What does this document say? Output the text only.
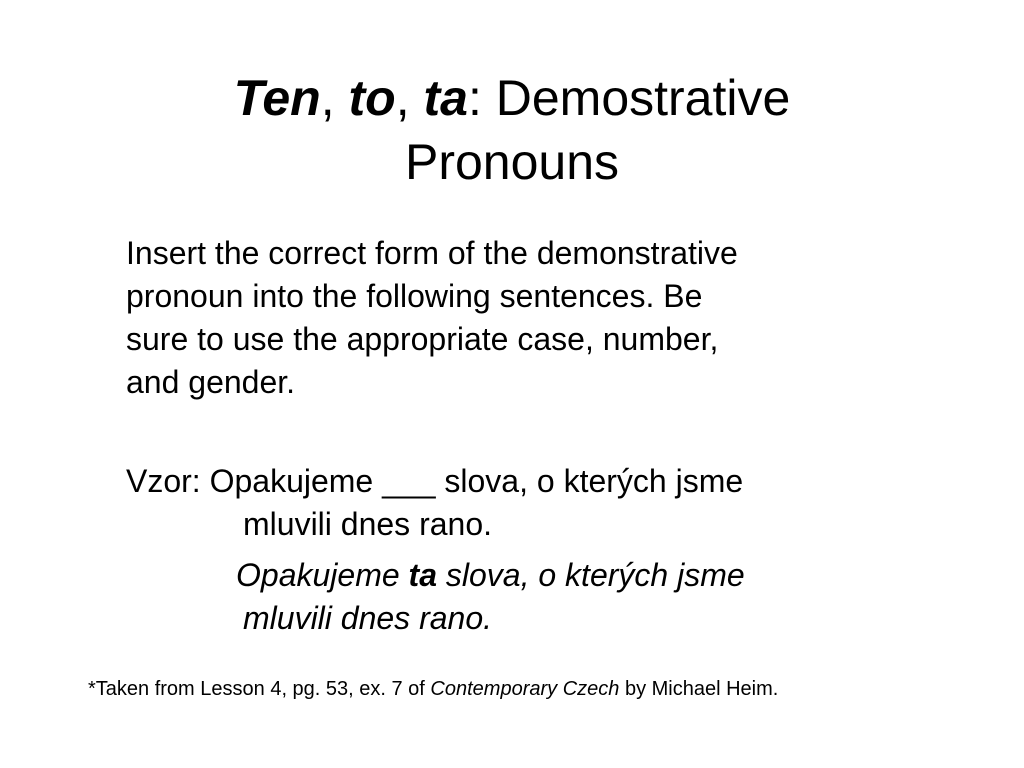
Ten, to, ta: Demostrative
Pronouns

Insert the correct form of the demonstrative
pronoun into the following sentences. Be
sure to use the appropriate case, number,
and gender.

Vzor: Opakujeme ___ slova, o kterých jsme

mluvili dnes rano.

Opakujeme ta slova, o kterých jsme
mluvili dnes rano.

*Taken from Lesson 4, pg. 53, ex. 7 of Contemporary Czech by Michael Heim.
